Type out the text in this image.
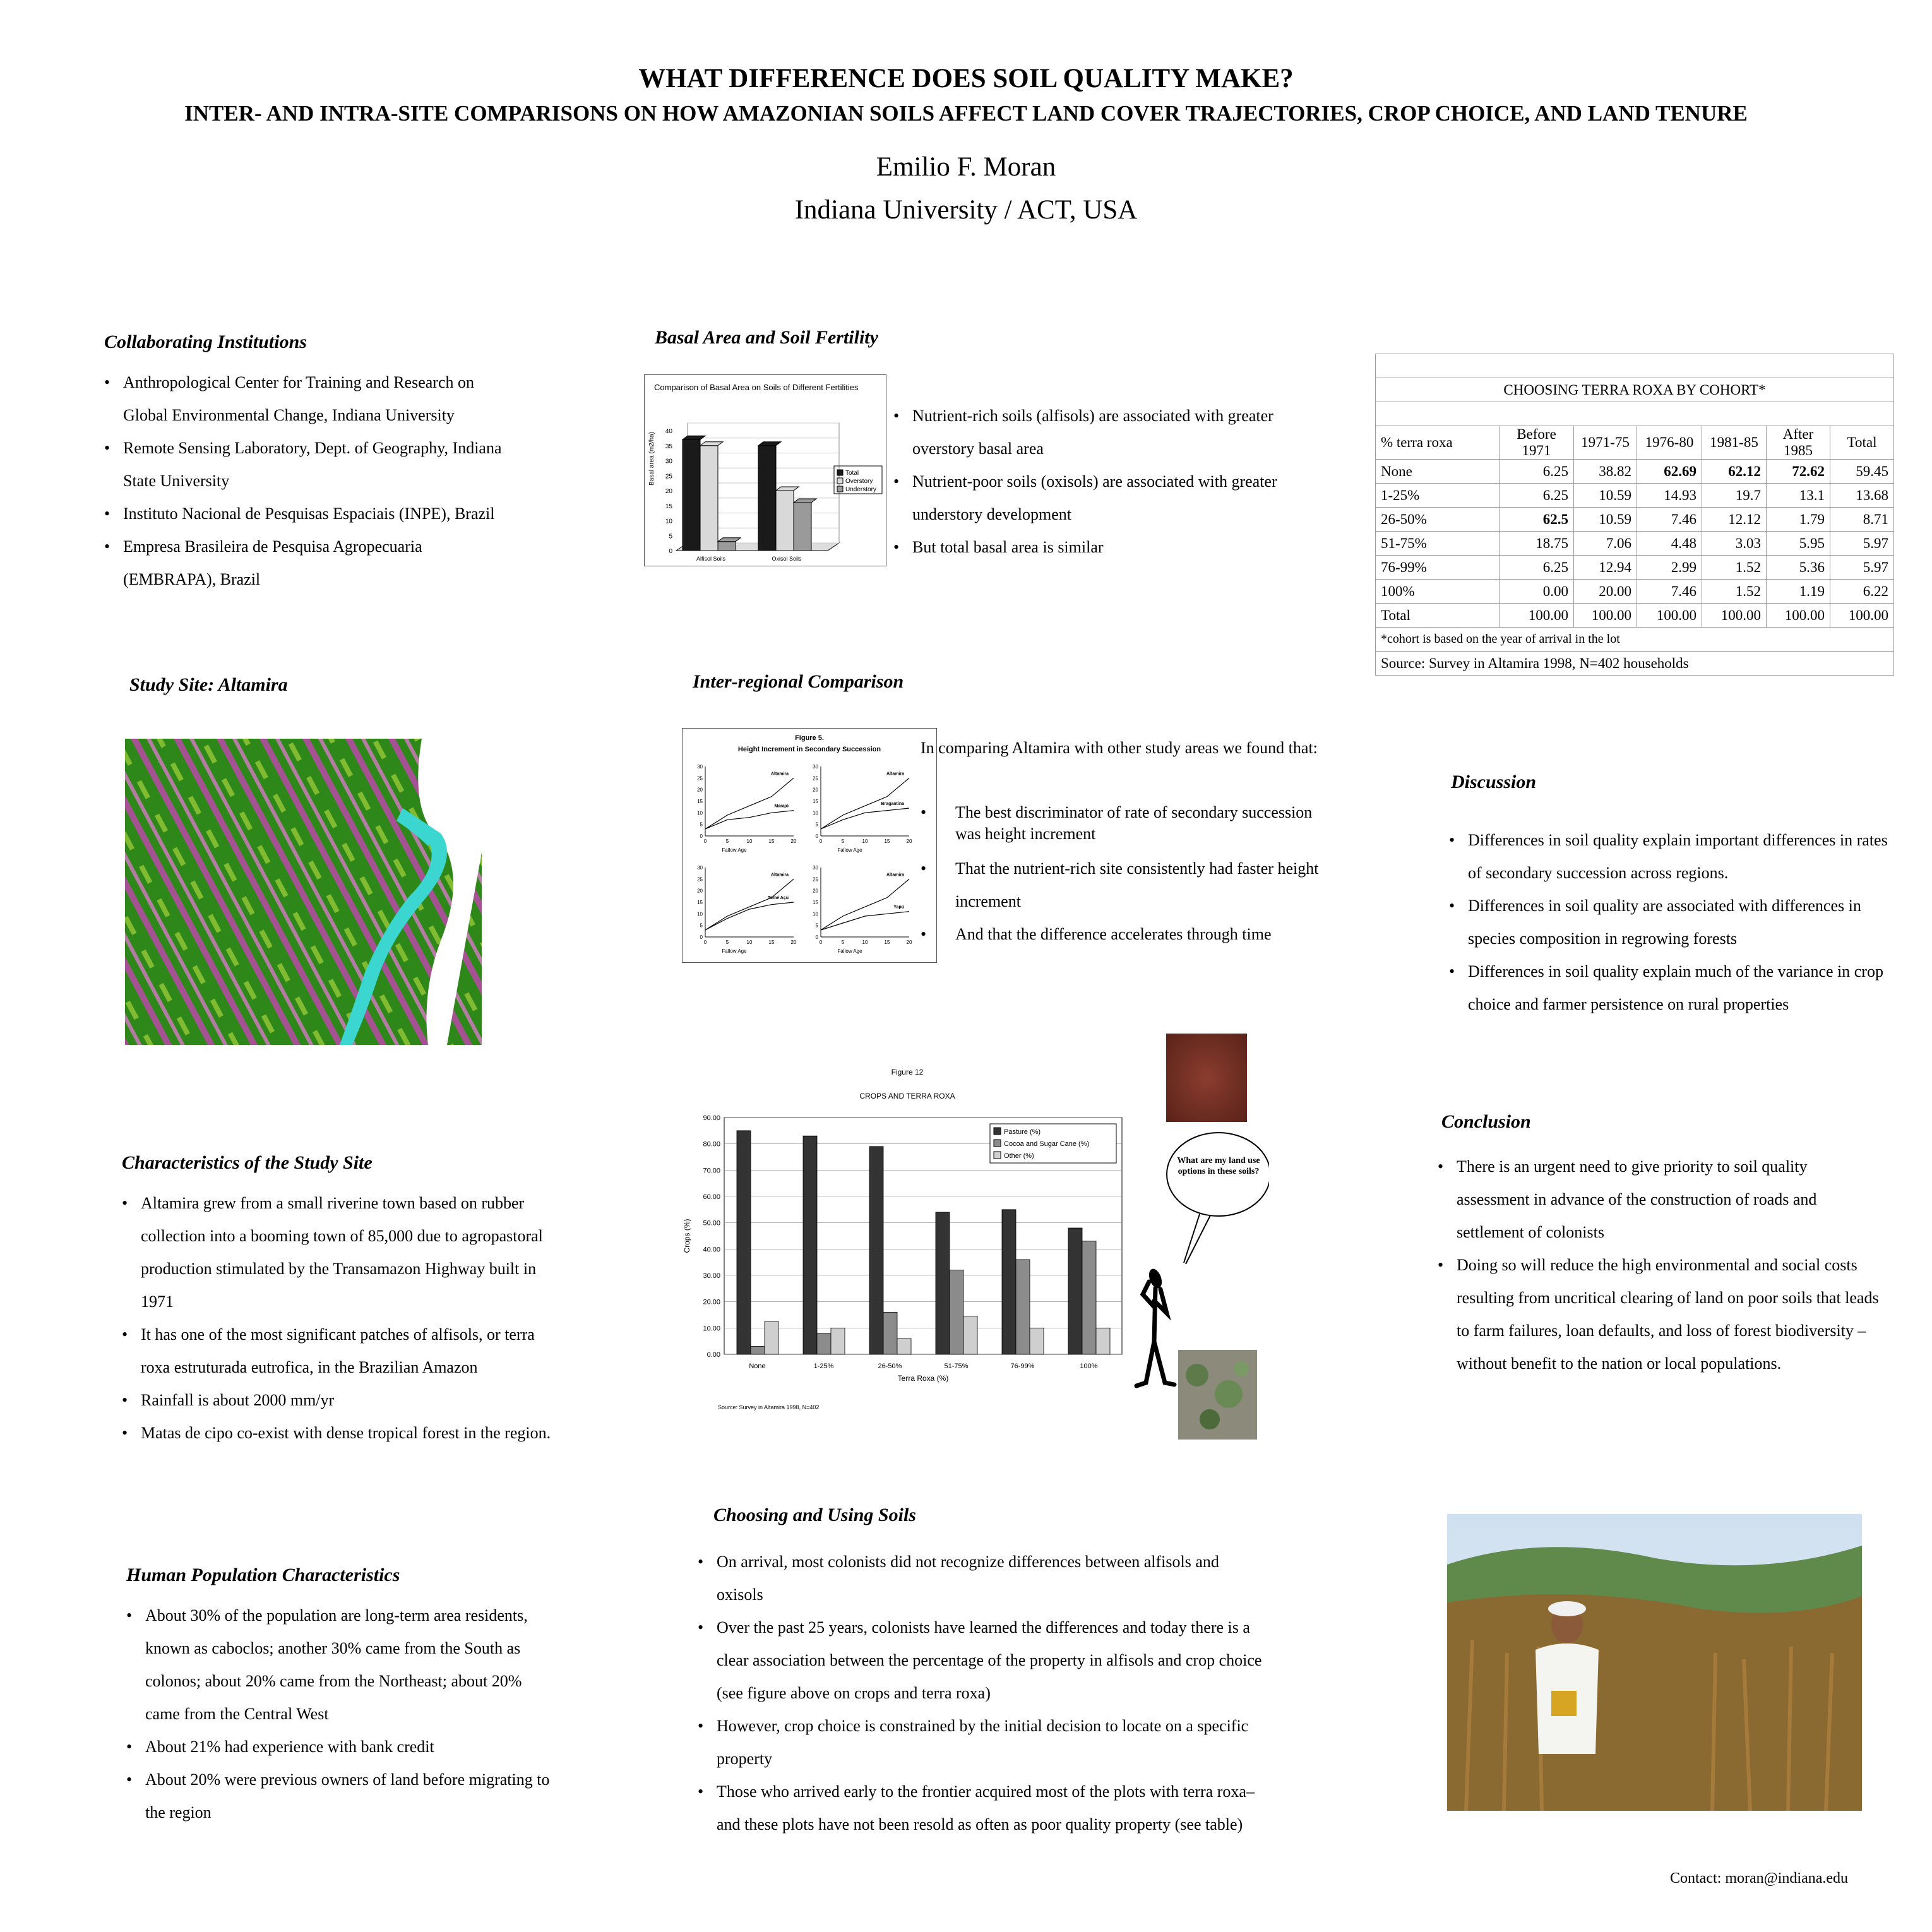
WHAT DIFFERENCE DOES SOIL QUALITY MAKE?
INTER- AND INTRA-SITE COMPARISONS ON HOW AMAZONIAN SOILS AFFECT LAND COVER TRAJECTORIES, CROP CHOICE, AND LAND TENURE
Emilio F. Moran
Indiana University / ACT, USA
Collaborating Institutions
• Anthropological Center for Training and Research on Global Environmental Change, Indiana University
• Remote Sensing Laboratory, Dept. of Geography, Indiana State University
• Instituto Nacional de Pesquisas Espaciais (INPE), Brazil
• Empresa Brasileira de Pesquisa Agropecuaria (EMBRAPA), Brazil
Study Site: Altamira
Characteristics of the Study Site
• Altamira grew from a small riverine town based on rubber collection into a booming town of 85,000 due to agropastoral production stimulated by the Transamazon Highway built in 1971
• It has one of the most significant patches of alfisols, or terra roxa estruturada eutrofica, in the Brazilian Amazon
• Rainfall is about 2000 mm/yr
• Matas de cipo co-exist with dense tropical forest in the region.
Human Population Characteristics
• About 30% of the population are long-term area residents, known as caboclos; another 30% came from the South as colonos; about 20% came from the Northeast; about 20% came from the Central West
• About 21% had experience with bank credit
• About 20% were previous owners of land before migrating to the region
Basal Area and Soil Fertility
Comparison of Basal Area on Soils of Different Fertilities
Basal area (m2/ha)
0
5
10
15
20
25
30
35
40
Alfisol Soils	Oxisol Soils
Total
Overstory
Understory
• Nutrient-rich soils (alfisols) are associated with greater overstory basal area
• Nutrient-poor soils (oxisols) are associated with greater understory development
• But total basal area is similar

CHOOSING TERRA ROXA BY COHORT*						

% terra roxa	Before 1971	1971-75	1976-80	1981-85	After 1985	Total
None	6.25	38.82	62.69	62.12	72.62	59.45
1-25%	6.25	10.59	14.93	19.7	13.1	13.68
26-50%	62.5	10.59	7.46	12.12	1.79	8.71
51-75%	18.75	7.06	4.48	3.03	5.95	5.97
76-99%	6.25	12.94	2.99	1.52	5.36	5.97
100%	0.00	20.00	7.46	1.52	1.19	6.22
Total	100.00	100.00	100.00	100.00	100.00	100.00
*cohort is based on the year of arrival in the lot						
Source: Survey in Altamira 1998, N=402 households						
Inter-regional Comparison
Figure 5.
Height Increment in Secondary Succession
0
5
10
15
20
25
30
0	5	10	15	20
Fallow Age
Altamira
Marajó
0
5
10
15
20
25
30
0	5	10	15	20
Fallow Age
Altamira
Bragantina
0
5
10
15
20
25
30
0	5	10	15	20
Fallow Age
Altamira
Tomé Açu
0
5
10
15
20
25
30
0	5	10	15	20
Fallow Age
Altamira
Yapú
In comparing Altamira with other study areas we found that:
• The best discriminator of rate of secondary succession was height increment
• That the nutrient-rich site consistently had faster height increment
• And that the difference accelerates through time
Figure 12
CROPS AND TERRA ROXA
0.00
10.00
20.00
30.00
40.00
50.00
60.00
70.00
80.00
90.00
Crops (%)
None	1-25%	26-50%	51-75%	76-99%	100%
Terra Roxa (%)
Pasture (%)
Cocoa and Sugar Cane (%)
Other (%)
Source: Survey in Altamira 1998, N=402
What are my land use options in these soils?
Choosing and Using Soils
• On arrival, most colonists did not recognize differences between alfisols and oxisols
• Over the past 25 years, colonists have learned the differences and today there is a clear association between the percentage of the property in alfisols and crop choice (see figure above on crops and terra roxa)
• However, crop choice is constrained by the initial decision to locate on a specific property
• Those who arrived early to the frontier acquired most of the plots with terra roxa– and these plots have not been resold as often as poor quality property (see table)
Discussion
• Differences in soil quality explain important differences in rates of secondary succession across regions.
• Differences in soil quality are associated with differences in species composition in regrowing forests
• Differences in soil quality explain much of the variance in crop choice and farmer persistence on rural properties
Conclusion
• There is an urgent need to give priority to soil quality assessment in advance of the construction of roads and settlement of colonists
• Doing so will reduce the high environmental and social costs resulting from uncritical clearing of land on poor soils that leads to farm failures, loan defaults, and loss of forest biodiversity – without benefit to the nation or local populations.
Contact: moran@indiana.edu
